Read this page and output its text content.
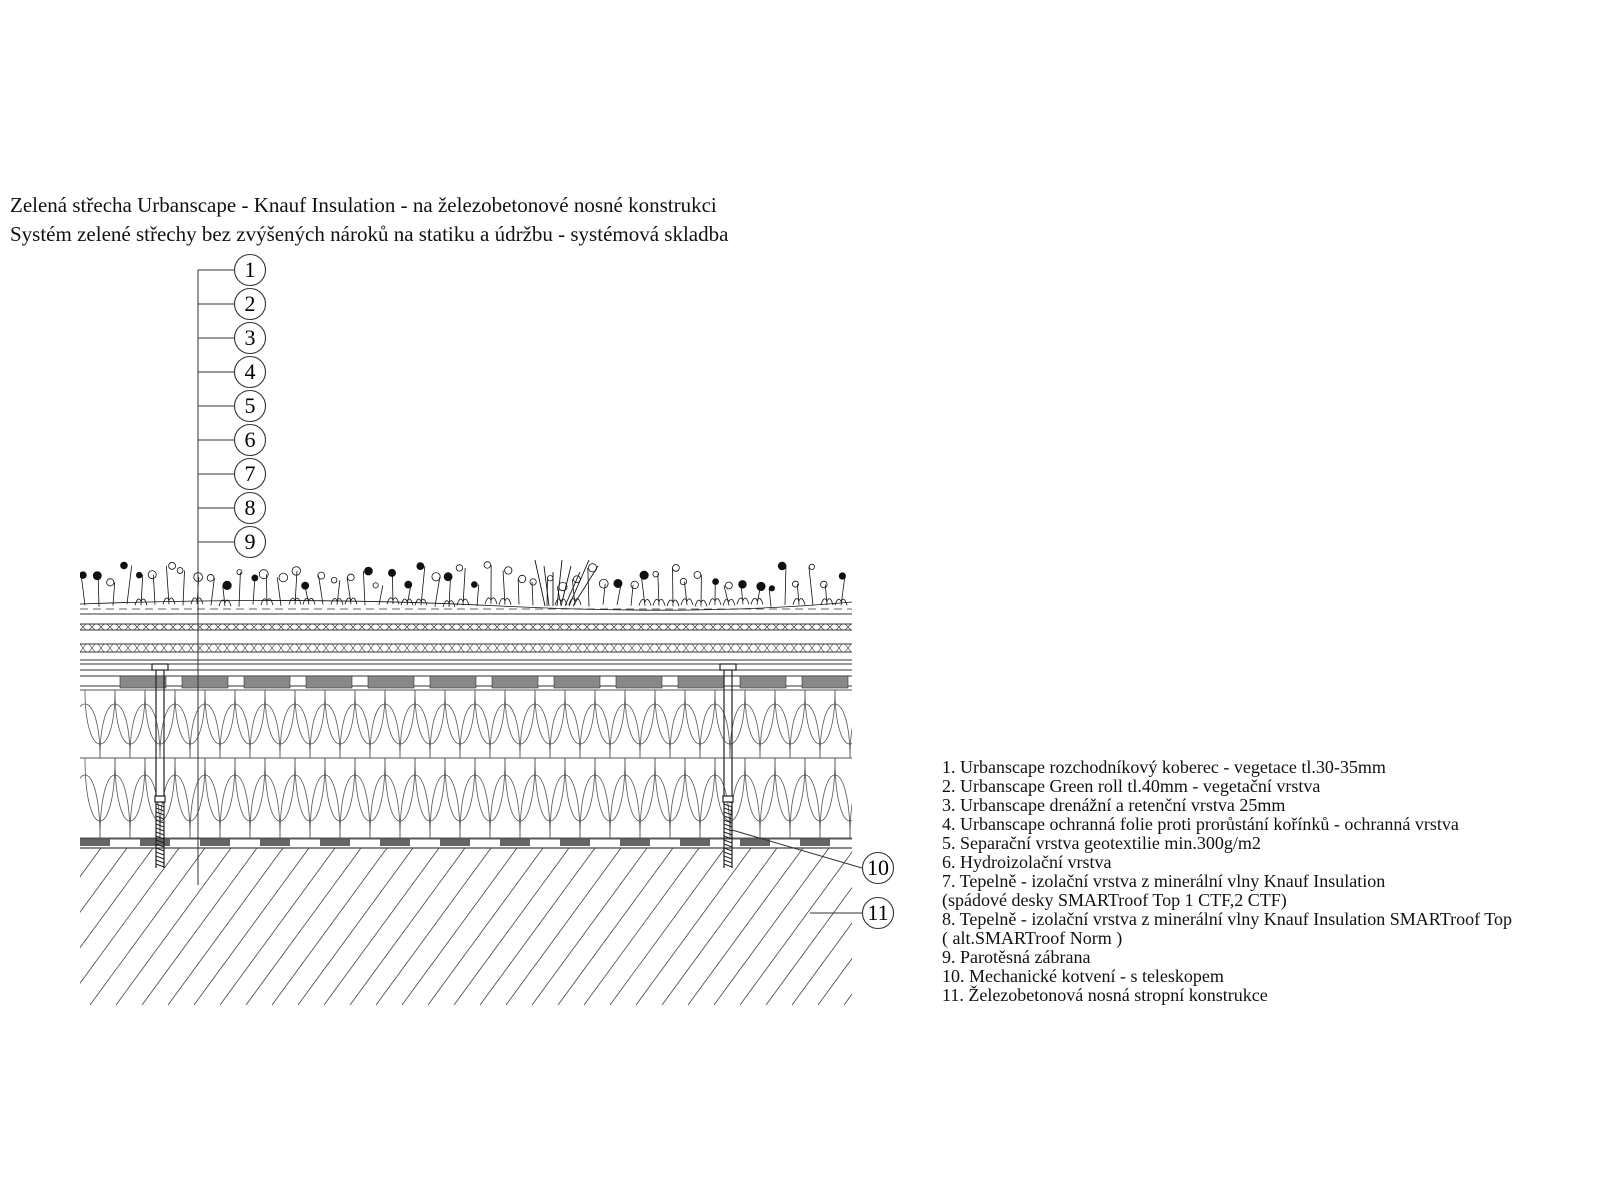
Zelená střecha Urbanscape - Knauf Insulation - na železobetonové nosné konstrukci
Systém zelené střechy bez zvýšených nároků na statiku a údržbu - systémová skladba
1
2
3
4
5
6
7
8
9
10
11
1. Urbanscape rozchodníkový koberec - vegetace tl.30-35mm
2. Urbanscape Green roll tl.40mm - vegetační vrstva
3. Urbanscape drenážní a retenční vrstva 25mm
4. Urbanscape ochranná folie proti prorůstání kořínků - ochranná vrstva
5. Separační vrstva geotextilie min.300g/m2
6. Hydroizolační vrstva
7. Tepelně - izolační vrstva z minerální vlny Knauf Insulation
(spádové desky SMARTroof Top 1 CTF,2 CTF)
8. Tepelně - izolační vrstva z minerální vlny Knauf Insulation SMARTroof Top
( alt.SMARTroof Norm )
9. Parotěsná zábrana
10. Mechanické kotvení - s teleskopem
11. Železobetonová nosná stropní konstrukce
